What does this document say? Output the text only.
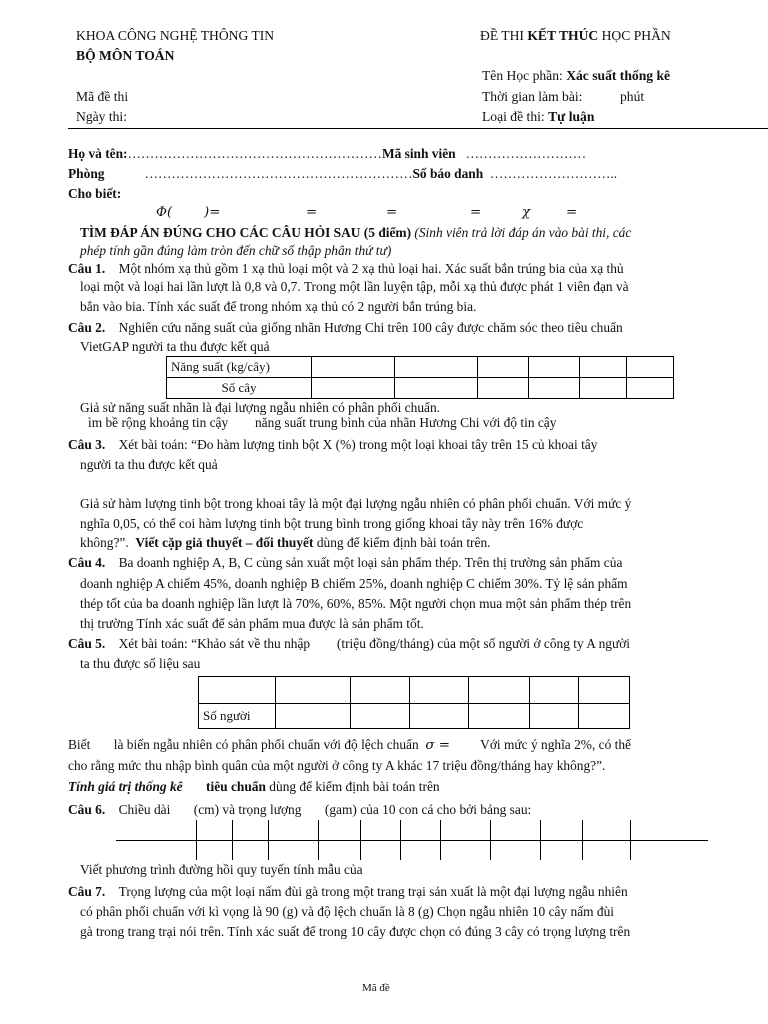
KHOA CÔNG NGHỆ THÔNG TIN
BỘ MÔN TOÁN
ĐỀ THI KẾT THÚC HỌC PHẦN
Tên Học phần: Xác suất thống kê
Thời gian làm bài:	phút
Loại đề thi: Tự luận
Mã đề thi
Ngày thi:
Họ và tên:…………………………………………………Mã sinh viên ………………………
Phòng	……………………………………………………Số báo danh ………………………..
Cho biết:
Φ( )=	=	=	=	χ	=
TÌM ĐÁP ÁN ĐÚNG CHO CÁC CÂU HỎI SAU (5 điểm) (Sinh viên trả lời đáp án vào bài thi, các
phép tính gần đúng làm tròn đến chữ số thập phân thứ tư)
Câu 1. Một nhóm xạ thủ gồm 1 xạ thủ loại một và 2 xạ thủ loại hai. Xác suất bắn trúng bia của xạ thủ
loại một và loại hai lần lượt là 0,8 và 0,7. Trong một lần luyện tập, mỗi xạ thủ được phát 1 viên đạn và
bắn vào bia. Tính xác suất để trong nhóm xạ thủ có 2 người bắn trúng bia.
Câu 2. Nghiên cứu năng suất của giống nhãn Hương Chi trên 100 cây được chăm sóc theo tiêu chuẩn
VietGAP người ta thu được kết quả
Năng suất (kg/cây)						
Số cây						
Giả sử năng suất nhãn là đại lượng ngẫu nhiên có phân phối chuẩn.
ìm bề rộng khoảng tin cậy năng suất trung bình của nhãn Hương Chi với độ tin cậy
Câu 3. Xét bài toán: “Đo hàm lượng tinh bột X (%) trong một loại khoai tây trên 15 củ khoai tây
người ta thu được kết quả
Giả sử hàm lượng tinh bột trong khoai tây là một đại lượng ngẫu nhiên có phân phối chuẩn. Với mức ý
nghĩa 0,05, có thể coi hàm lượng tinh bột trung bình trong giống khoai tây này trên 16% được
không?”. Viết cặp giả thuyết – đối thuyết dùng để kiểm định bài toán trên.
Câu 4. Ba doanh nghiệp A, B, C cùng sản xuất một loại sản phẩm thép. Trên thị trường sản phẩm của
doanh nghiệp A chiếm 45%, doanh nghiệp B chiếm 25%, doanh nghiệp C chiếm 30%. Tỷ lệ sản phẩm
thép tốt của ba doanh nghiệp lần lượt là 70%, 60%, 85%. Một người chọn mua một sản phẩm thép trên
thị trường Tính xác suất để sản phẩm mua được là sản phẩm tốt.
Câu 5. Xét bài toán: “Khảo sát về thu nhập (triệu đồng/tháng) của một số người ở công ty A người
ta thu được số liệu sau

Số người						
Biết là biến ngẫu nhiên có phân phối chuẩn với độ lệch chuẩn σ = Với mức ý nghĩa 2%, có thể
cho rằng mức thu nhập bình quân của một người ở công ty A khác 17 triệu đồng/tháng hay không?”.
Tính giá trị thống kê tiêu chuẩn dùng để kiểm định bài toán trên
Câu 6. Chiều dài (cm) và trọng lượng (gam) của 10 con cá cho bởi bảng sau:
Viết phương trình đường hồi quy tuyến tính mẫu của
Câu 7. Trọng lượng của một loại nấm đùi gà trong một trang trại sản xuất là một đại lượng ngẫu nhiên
có phân phối chuẩn với kì vọng là 90 (g) và độ lệch chuẩn là 8 (g) Chọn ngẫu nhiên 10 cây nấm đùi
gà trong trang trại nói trên. Tính xác suất để trong 10 cây được chọn có đúng 3 cây có trọng lượng trên
Mã đề
